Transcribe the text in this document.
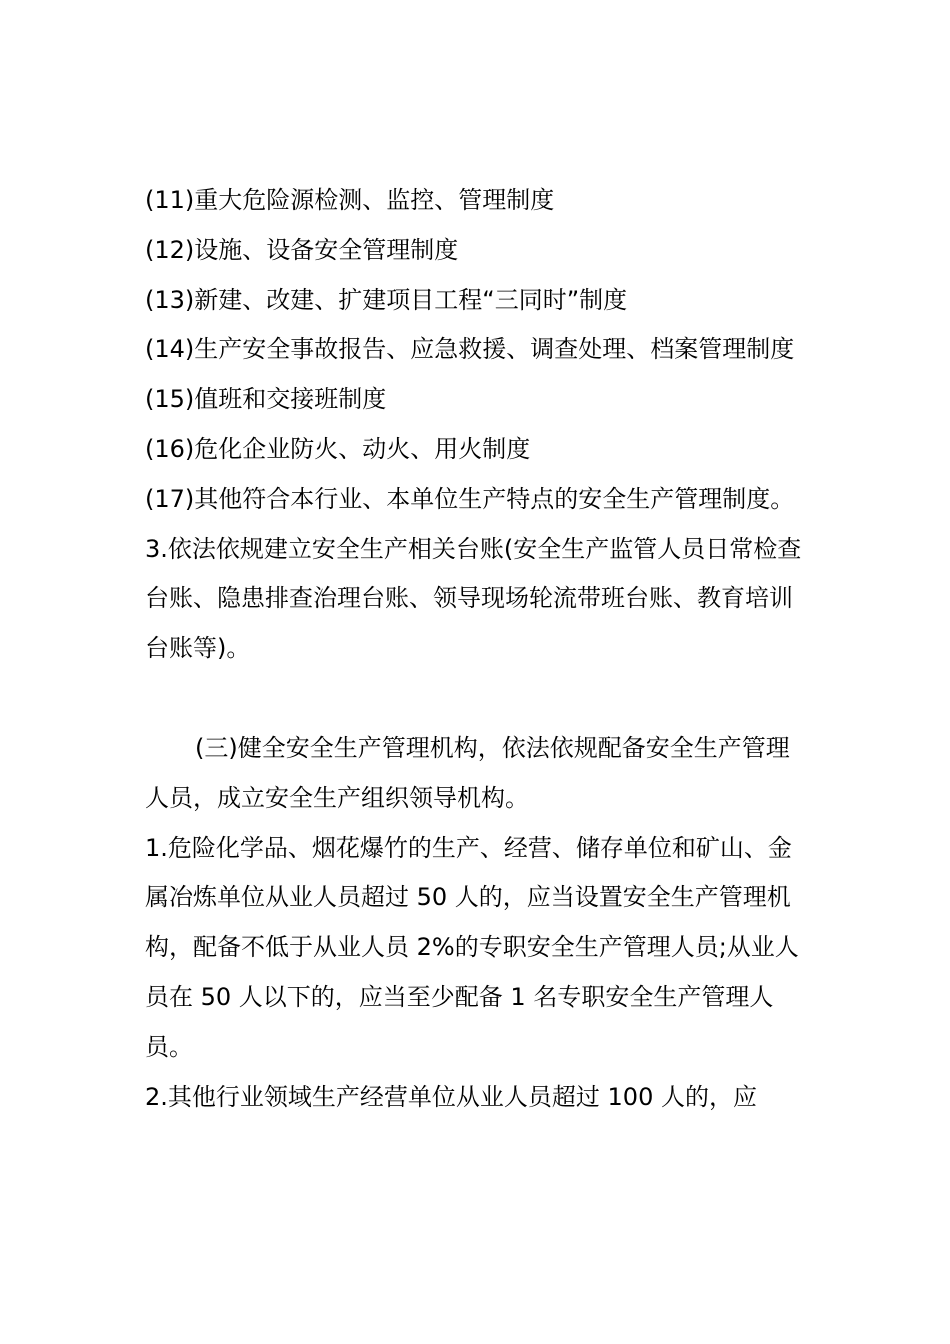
(11)重大危险源检测、监控、管理制度

(12)设施、设备安全管理制度

(13)新建、改建、扩建项目工程“三同时”制度

(14)生产安全事故报告、应急救援、调查处理、档案管理制度

(15)值班和交接班制度

(16)危化企业防火、动火、用火制度

(17)其他符合本行业、本单位生产特点的安全生产管理制度。

3.依法依规建立安全生产相关台账(安全生产监管人员日常检查台账、隐患排查治理台账、领导现场轮流带班台账、教育培训台账等)。

(三)健全安全生产管理机构，依法依规配备安全生产管理人员，成立安全生产组织领导机构。

1.危险化学品、烟花爆竹的生产、经营、储存单位和矿山、金属冶炼单位从业人员超过 50 人的，应当设置安全生产管理机构，配备不低于从业人员 2%的专职安全生产管理人员;从业人员在 50 人以下的，应当至少配备 1 名专职安全生产管理人员。

2.其他行业领域生产经营单位从业人员超过 100 人的，应
